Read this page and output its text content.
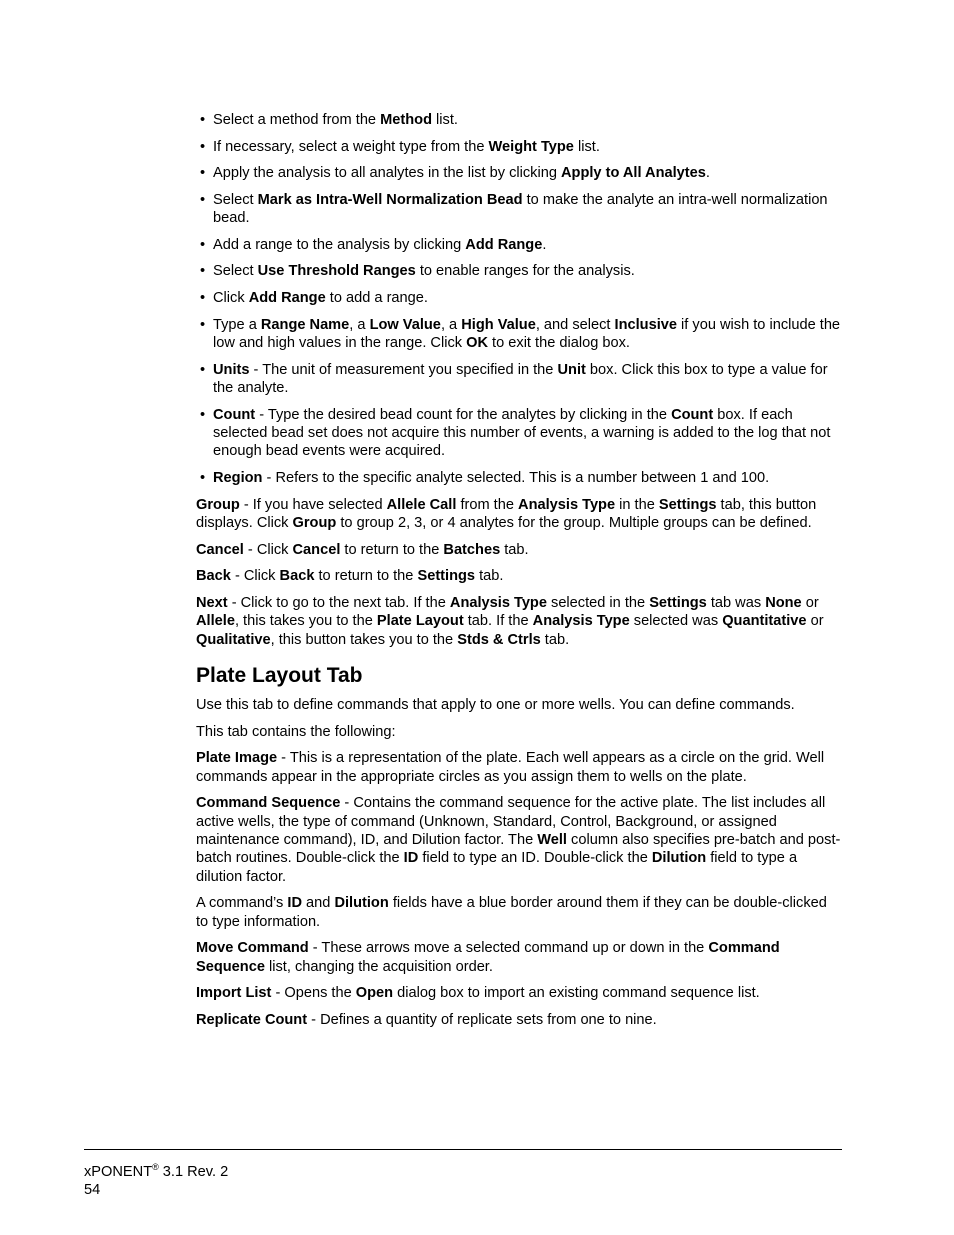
• Select a method from the Method list.
• If necessary, select a weight type from the Weight Type list.
• Apply the analysis to all analytes in the list by clicking Apply to All Analytes.
• Select Mark as Intra-Well Normalization Bead to make the analyte an intra-well normalization bead.
• Add a range to the analysis by clicking Add Range.
• Select Use Threshold Ranges to enable ranges for the analysis.
• Click Add Range to add a range.
• Type a Range Name, a Low Value, a High Value, and select Inclusive if you wish to include the low and high values in the range. Click OK to exit the dialog box.
• Units - The unit of measurement you specified in the Unit box. Click this box to type a value for the analyte.
• Count - Type the desired bead count for the analytes by clicking in the Count box. If each selected bead set does not acquire this number of events, a warning is added to the log that not enough bead events were acquired.
• Region - Refers to the specific analyte selected. This is a number between 1 and 100.

Group - If you have selected Allele Call from the Analysis Type in the Settings tab, this button displays. Click Group to group 2, 3, or 4 analytes for the group. Multiple groups can be defined.

Cancel - Click Cancel to return to the Batches tab.

Back - Click Back to return to the Settings tab.

Next - Click to go to the next tab. If the Analysis Type selected in the Settings tab was None or Allele, this takes you to the Plate Layout tab. If the Analysis Type selected was Quantitative or Qualitative, this button takes you to the Stds & Ctrls tab.

Plate Layout Tab

Use this tab to define commands that apply to one or more wells. You can define commands.

This tab contains the following:

Plate Image - This is a representation of the plate. Each well appears as a circle on the grid. Well commands appear in the appropriate circles as you assign them to wells on the plate.

Command Sequence - Contains the command sequence for the active plate. The list includes all active wells, the type of command (Unknown, Standard, Control, Background, or assigned maintenance command), ID, and Dilution factor. The Well column also specifies pre-batch and post-batch routines. Double-click the ID field to type an ID. Double-click the Dilution field to type a dilution factor.

A command’s ID and Dilution fields have a blue border around them if they can be double-clicked to type information.

Move Command - These arrows move a selected command up or down in the Command Sequence list, changing the acquisition order.

Import List - Opens the Open dialog box to import an existing command sequence list.

Replicate Count - Defines a quantity of replicate sets from one to nine.

xPONENT® 3.1 Rev. 2
54
